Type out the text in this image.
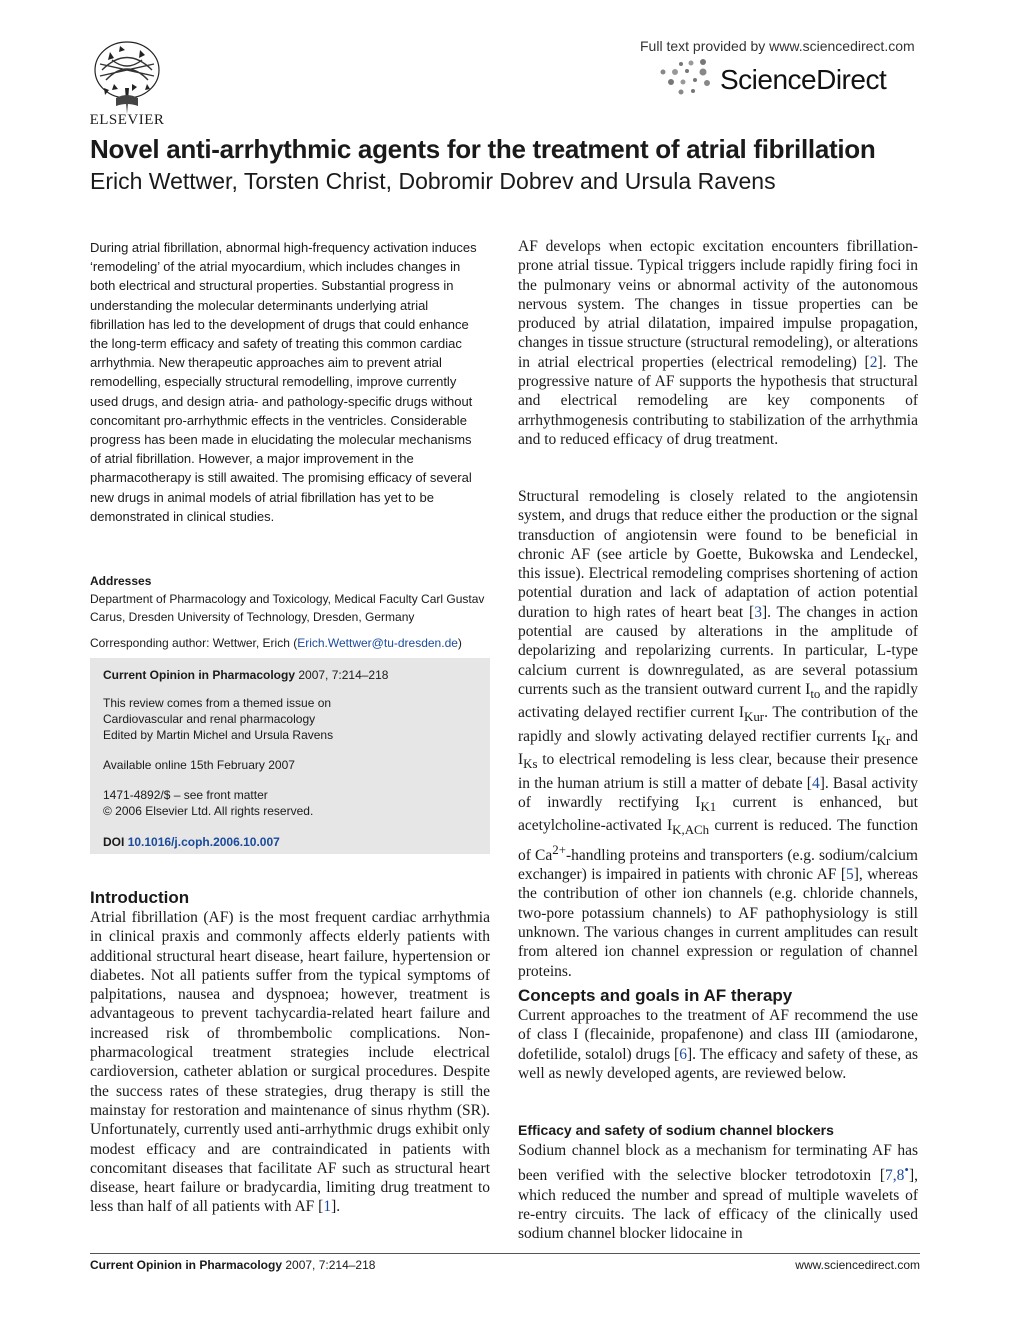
ELSEVIER
Full text provided by www.sciencedirect.com
ScienceDirect
Novel anti-arrhythmic agents for the treatment of atrial fibrillation
Erich Wettwer, Torsten Christ, Dobromir Dobrev and Ursula Ravens

During atrial fibrillation, abnormal high-frequency activation induces ‘remodeling’ of the atrial myocardium, which includes changes in both electrical and structural properties. Substantial progress in understanding the molecular determinants underlying atrial fibrillation has led to the development of drugs that could enhance the long-term efficacy and safety of treating this common cardiac arrhythmia. New therapeutic approaches aim to prevent atrial remodelling, especially structural remodelling, improve currently used drugs, and design atria- and pathology-specific drugs without concomitant pro-arrhythmic effects in the ventricles. Considerable progress has been made in elucidating the molecular mechanisms of atrial fibrillation. However, a major improvement in the pharmacotherapy is still awaited. The promising efficacy of several new drugs in animal models of atrial fibrillation has yet to be demonstrated in clinical studies.

Addresses
Department of Pharmacology and Toxicology, Medical Faculty Carl Gustav Carus, Dresden University of Technology, Dresden, Germany
Corresponding author: Wettwer, Erich (Erich.Wettwer@tu-dresden.de)
Current Opinion in Pharmacology 2007, 7:214–218
This review comes from a themed issue on
Cardiovascular and renal pharmacology
Edited by Martin Michel and Ursula Ravens
Available online 15th February 2007
1471-4892/$ – see front matter
© 2006 Elsevier Ltd. All rights reserved.
DOI 10.1016/j.coph.2006.10.007
Introduction

Atrial fibrillation (AF) is the most frequent cardiac arrhythmia in clinical praxis and commonly affects elderly patients with additional structural heart disease, heart failure, hypertension or diabetes. Not all patients suffer from the typical symptoms of palpitations, nausea and dyspnoea; however, treatment is advantageous to prevent tachycardia-related heart failure and increased risk of thrombembolic complications. Non-pharmacological treatment strategies include electrical cardioversion, catheter ablation or surgical procedures. Despite the success rates of these strategies, drug therapy is still the mainstay for restoration and maintenance of sinus rhythm (SR). Unfortunately, currently used anti-arrhythmic drugs exhibit only modest efficacy and are contraindicated in patients with concomitant diseases that facilitate AF such as structural heart disease, heart failure or bradycardia, limiting drug treatment to less than half of all patients with AF [1].

AF develops when ectopic excitation encounters fibrillation-prone atrial tissue. Typical triggers include rapidly firing foci in the pulmonary veins or abnormal activity of the autonomous nervous system. The changes in tissue properties can be produced by atrial dilatation, impaired impulse propagation, changes in tissue structure (structural remodeling), or alterations in atrial electrical properties (electrical remodeling) [2]. The progressive nature of AF supports the hypothesis that structural and electrical remodeling are key components of arrhythmogenesis contributing to stabilization of the arrhythmia and to reduced efficacy of drug treatment.

Structural remodeling is closely related to the angiotensin system, and drugs that reduce either the production or the signal transduction of angiotensin were found to be beneficial in chronic AF (see article by Goette, Bukowska and Lendeckel, this issue). Electrical remodeling comprises shortening of action potential duration and lack of adaptation of action potential duration to high rates of heart beat [3]. The changes in action potential are caused by alterations in the amplitude of depolarizing and repolarizing currents. In particular, L-type calcium current is downregulated, as are several potassium currents such as the transient outward current $I_{to}$ and the rapidly activating delayed rectifier current $I_{Kur}$. The contribution of the rapidly and slowly activating delayed rectifier currents $I_{Kr}$ and $I_{Ks}$ to electrical remodeling is less clear, because their presence in the human atrium is still a matter of debate [4]. Basal activity of inwardly rectifying $I_{K1}$ current is enhanced, but acetylcholine-activated $I_{K,ACh}$ current is reduced. The function of $Ca^{2+}$-handling proteins and transporters (e.g. sodium/calcium exchanger) is impaired in patients with chronic AF [5], whereas the contribution of other ion channels (e.g. chloride channels, two-pore potassium channels) to AF pathophysiology is still unknown. The various changes in current amplitudes can result from altered ion channel expression or regulation of channel proteins.

Concepts and goals in AF therapy

Current approaches to the treatment of AF recommend the use of class I (flecainide, propafenone) and class III (amiodarone, dofetilide, sotalol) drugs [6]. The efficacy and safety of these, as well as newly developed agents, are reviewed below.

Efficacy and safety of sodium channel blockers

Sodium channel block as a mechanism for terminating AF has been verified with the selective blocker tetrodotoxin [7,8•], which reduced the number and spread of multiple wavelets of re-entry circuits. The lack of efficacy of the clinically used sodium channel blocker lidocaine in

Current Opinion in Pharmacology 2007, 7:214–218	www.sciencedirect.com
